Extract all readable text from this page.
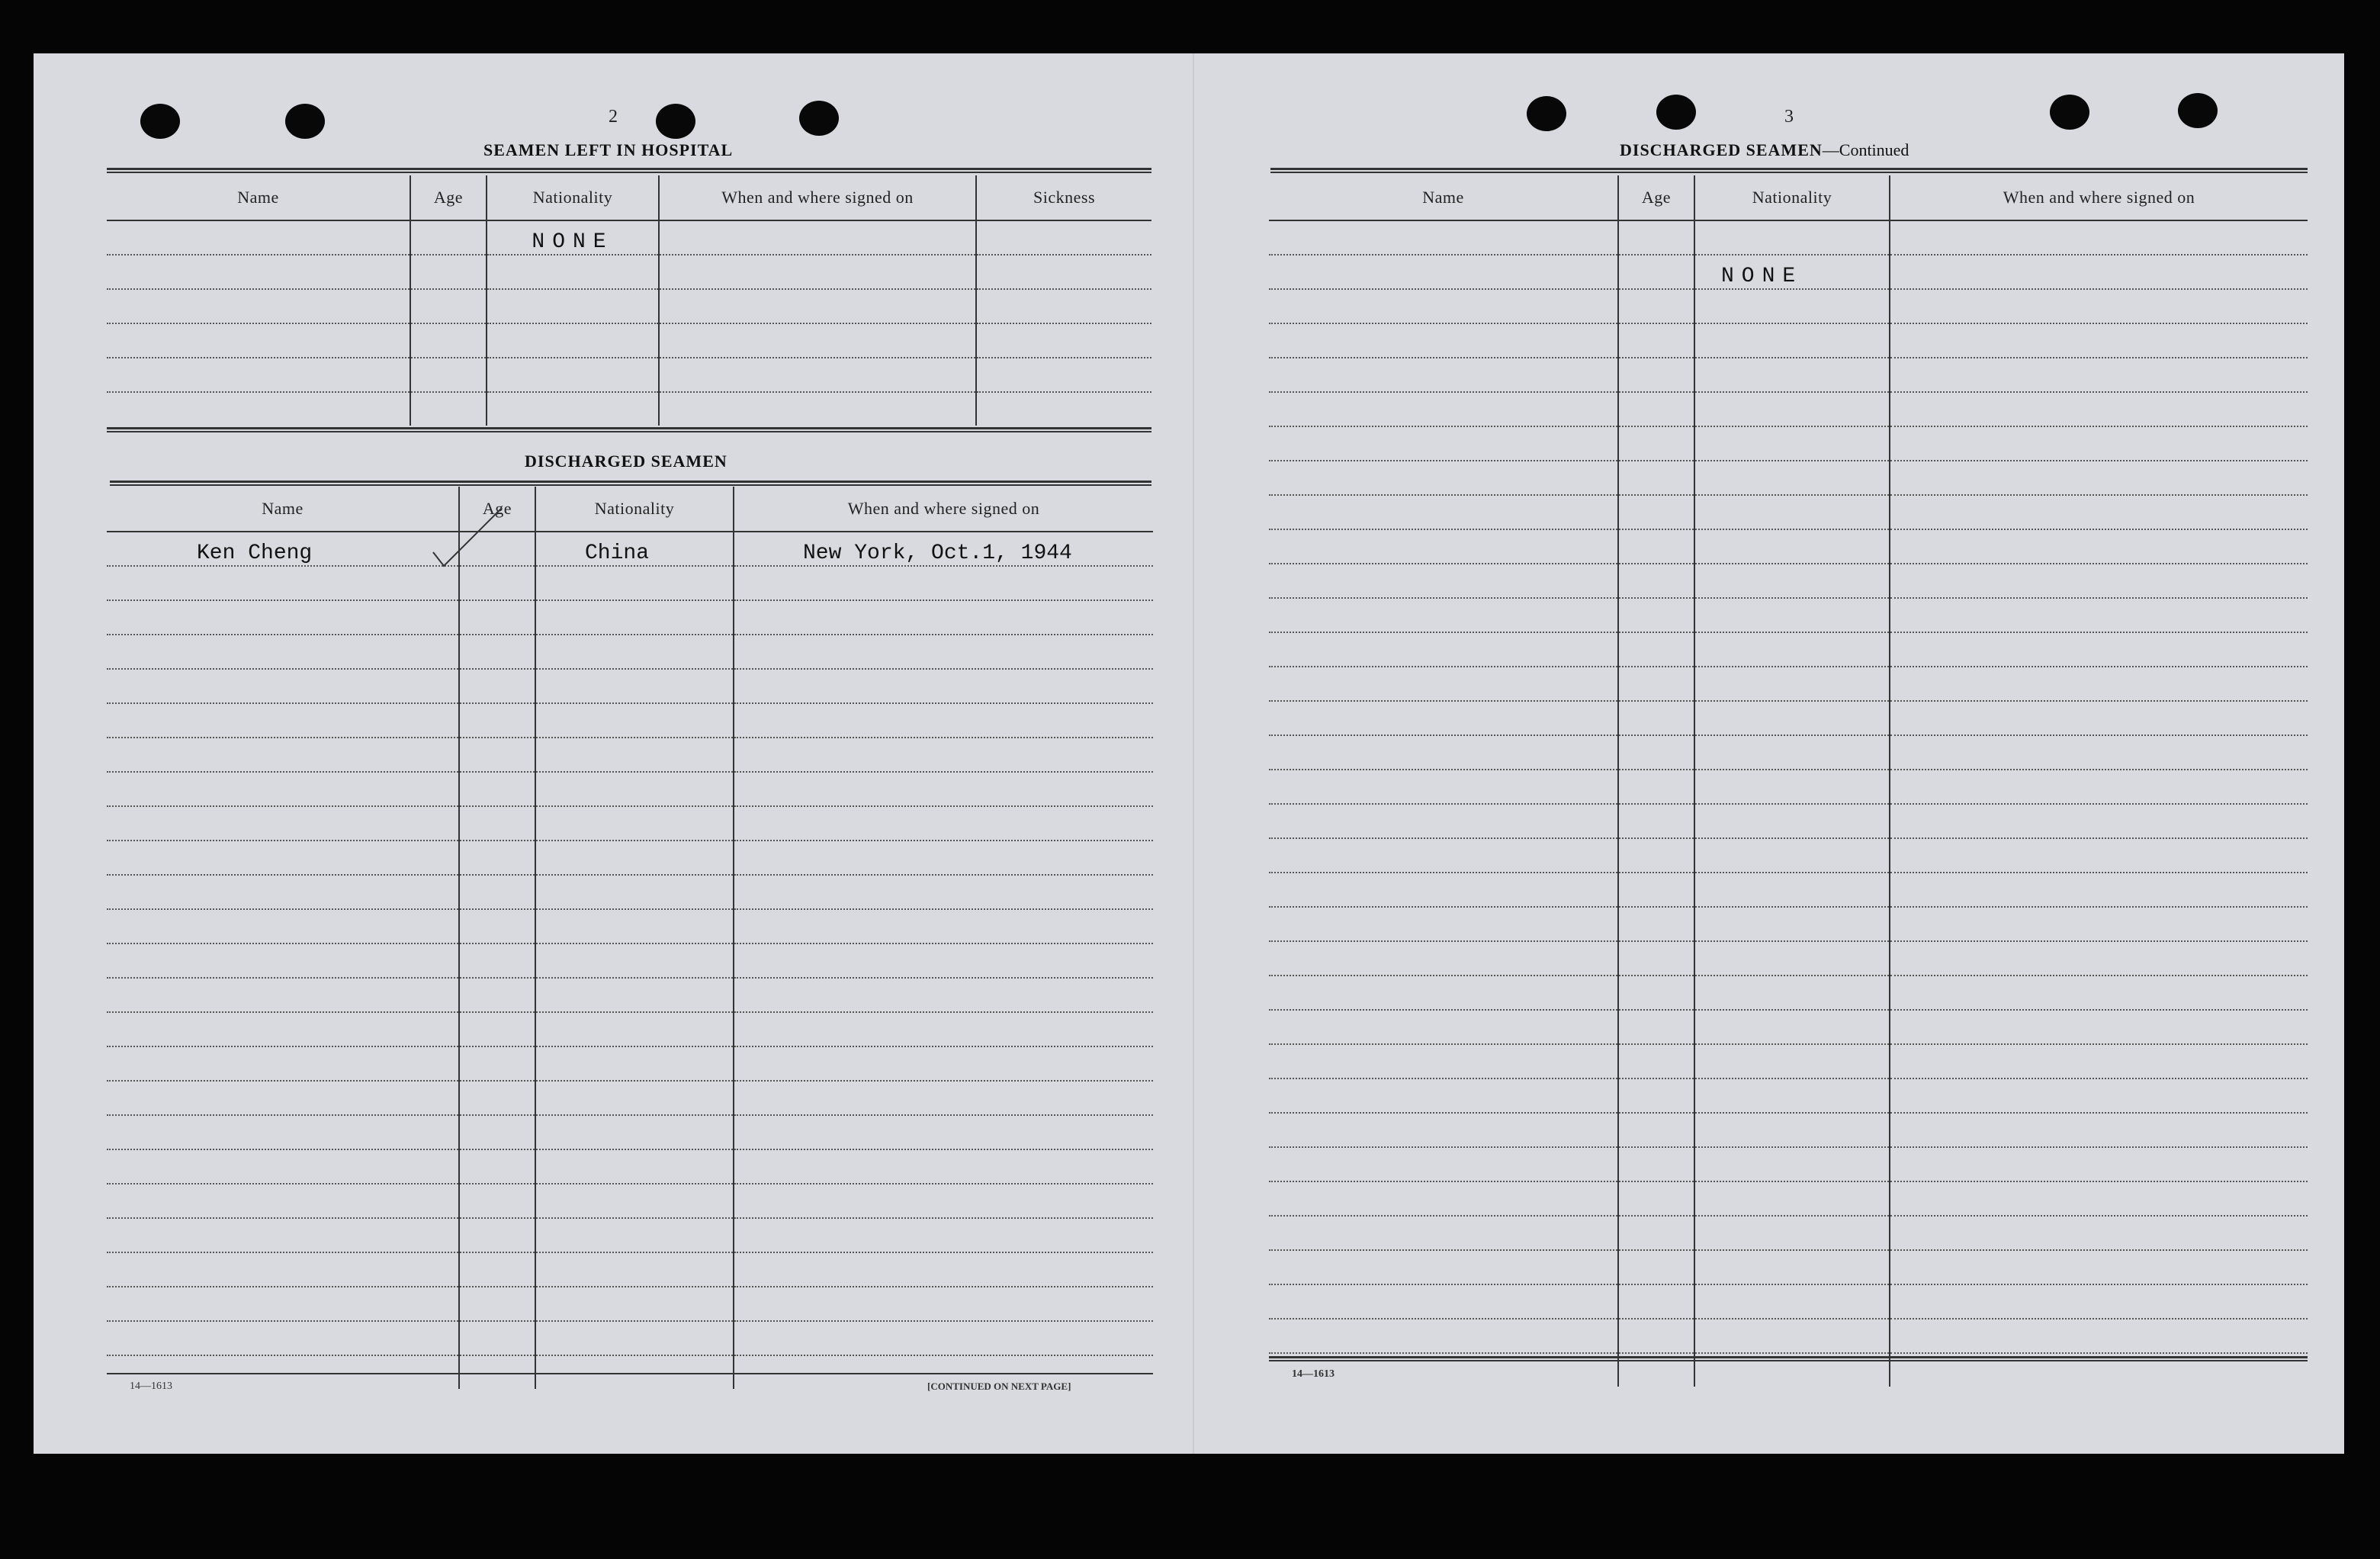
2
SEAMEN LEFT IN HOSPITAL
Name	Age	Nationality	When and where signed on	Sickness
		NONE		

DISCHARGED SEAMEN
Name	Age	Nationality	When and where signed on
Ken Cheng		China	New York, Oct.1, 1944

14—1613	[CONTINUED ON NEXT PAGE]
3
DISCHARGED SEAMEN—Continued
Name	Age	Nationality	When and where signed on

		NONE	

14—1613
